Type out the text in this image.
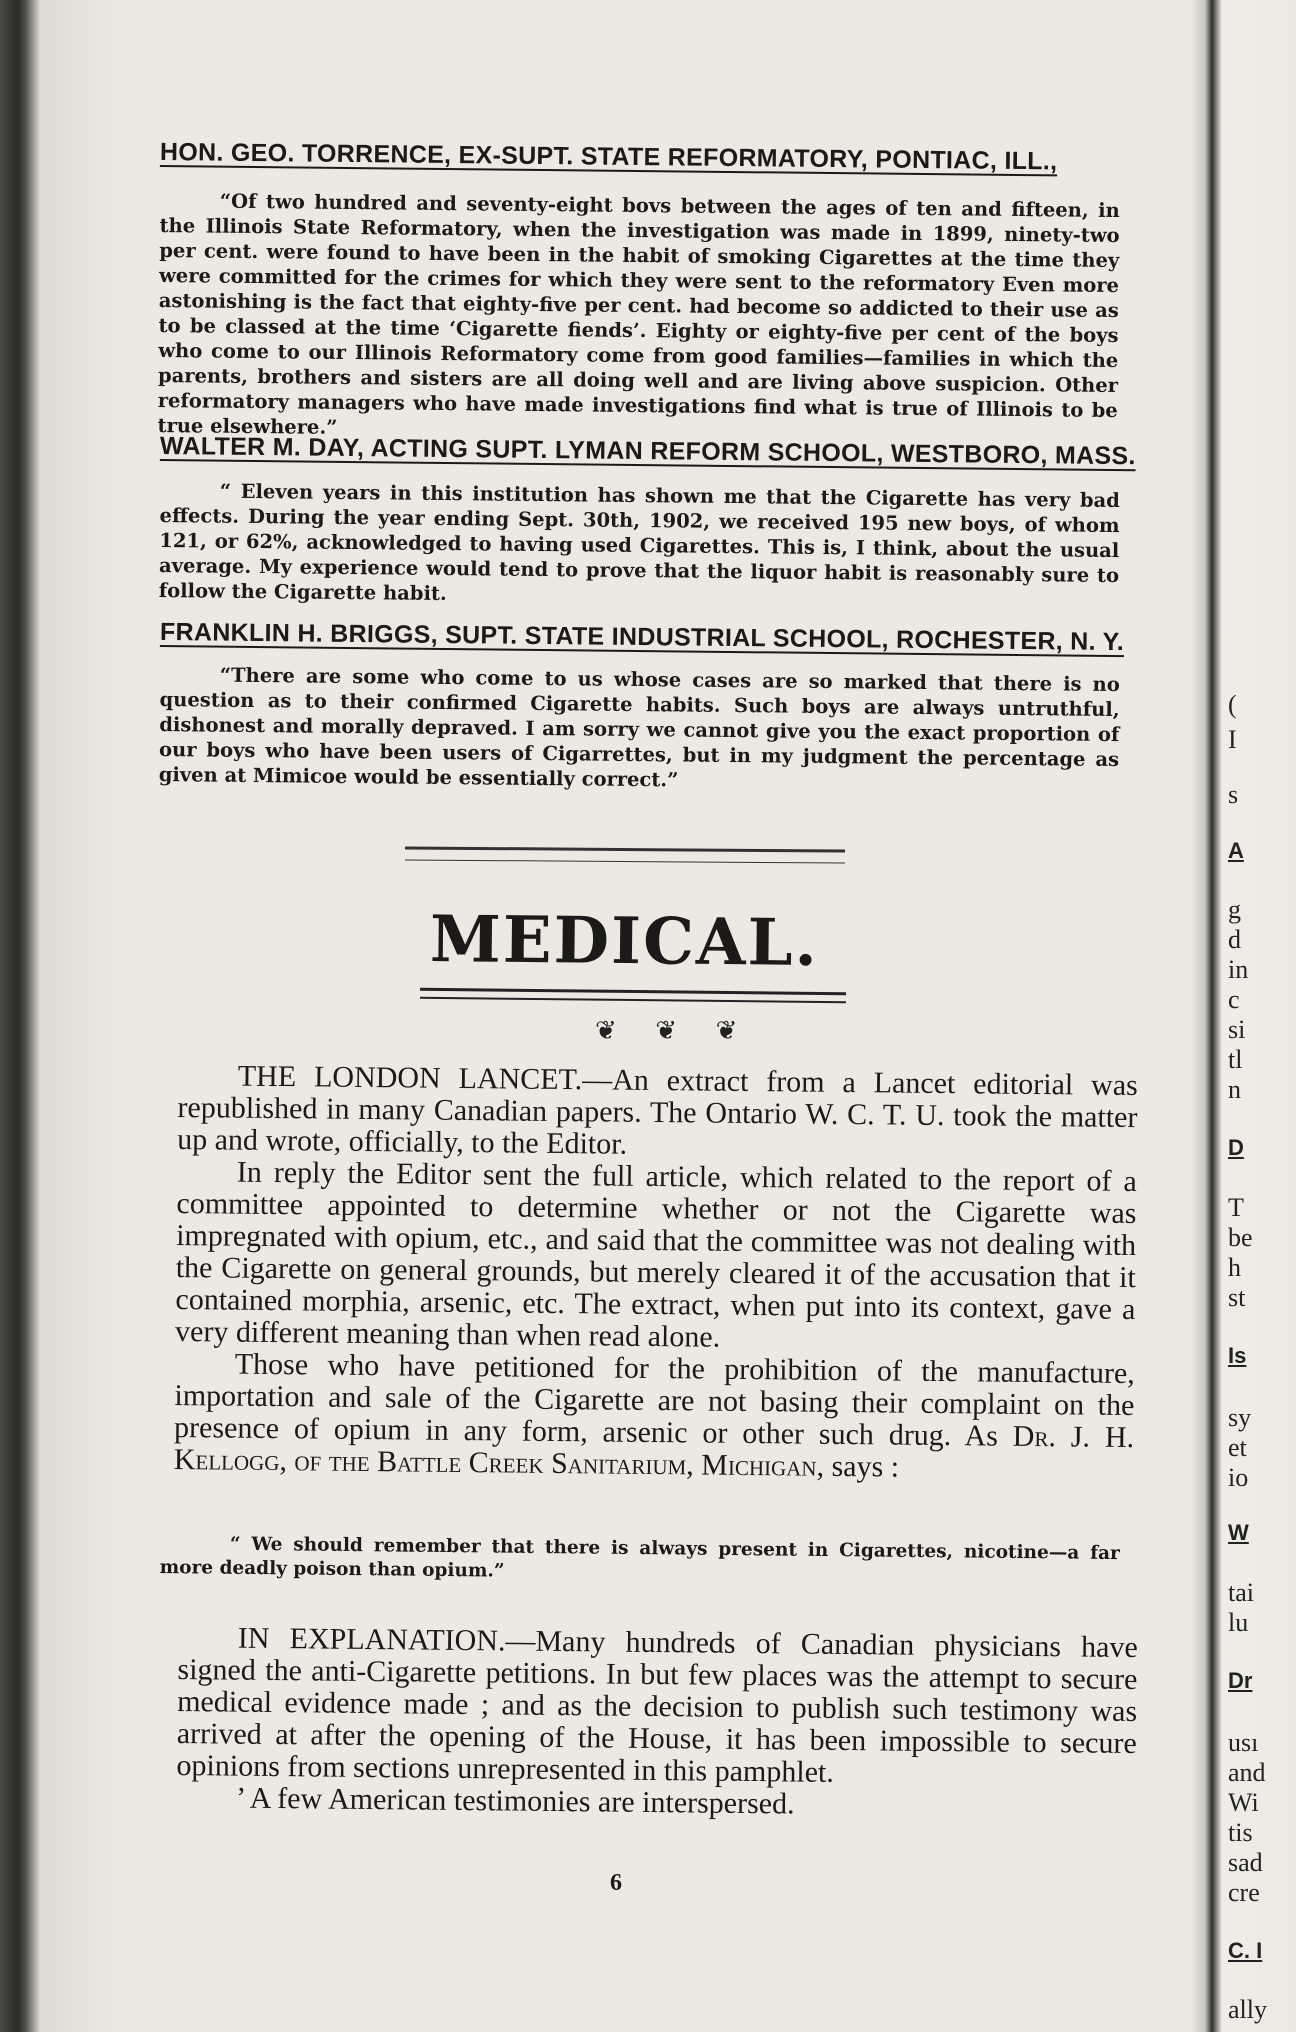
HON. GEO. TORRENCE, EX-SUPT. STATE REFORMATORY, PONTIAC, ILL.,
“Of two hundred and seventy-eight bovs between the ages of ten and fifteen, in the Illinois State Reformatory, when the investigation was made in 1899, ninety-two per cent. were found to have been in the habit of smoking Cigarettes at the time they were committed for the crimes for which they were sent to the reformatory Even more astonishing is the fact that eighty-five per cent. had become so addicted to their use as to be classed at the time ‘Cigarette fiends’. Eighty or eighty-five per cent of the boys who come to our Illinois Reformatory come from good families—families in which the parents, brothers and sisters are all doing well and are living above suspicion. Other reformatory managers who have made investigations find what is true of Illinois to be true elsewhere.”
WALTER M. DAY, ACTING SUPT. LYMAN REFORM SCHOOL, WESTBORO, MASS.
“ Eleven years in this institution has shown me that the Cigarette has very bad effects. During the year ending Sept. 30th, 1902, we received 195 new boys, of whom 121, or 62%, acknowledged to having used Cigarettes. This is, I think, about the usual average. My experience would tend to prove that the liquor habit is reasonably sure to follow the Cigarette habit.
FRANKLIN H. BRIGGS, SUPT. STATE INDUSTRIAL SCHOOL, ROCHESTER, N. Y.
“There are some who come to us whose cases are so marked that there is no question as to their confirmed Cigarette habits. Such boys are always untruthful, dishonest and morally depraved. I am sorry we cannot give you the exact proportion of our boys who have been users of Cigarrettes, but in my judgment the percentage as given at Mimicoe would be essentially correct.”
MEDICAL.
❦ ❦ ❦

THE LONDON LANCET.—An extract from a Lancet editorial was republished in many Canadian papers. The Ontario W. C. T. U. took the matter up and wrote, officially, to the Editor.

In reply the Editor sent the full article, which related to the report of a committee appointed to determine whether or not the Cigarette was impregnated with opium, etc., and said that the committee was not dealing with the Cigarette on general grounds, but merely cleared it of the accusation that it contained morphia, arsenic, etc. The extract, when put into its context, gave a very different meaning than when read alone.

Those who have petitioned for the prohibition of the manufacture, importation and sale of the Cigarette are not basing their complaint on the presence of opium in any form, arsenic or other such drug. As Dr. J. H. Kellogg, of the Battle Creek Sanitarium, Michigan, says :

“ We should remember that there is always present in Cigarettes, nicotine—a far more deadly poison than opium.”

IN EXPLANATION.—Many hundreds of Canadian physicians have signed the anti-Cigarette petitions. In but few places was the attempt to secure medical evidence made ; and as the decision to publish such testimony was arrived at after the opening of the House, it has been impossible to secure opinions from sections unrepresented in this pamphlet.

’ A few American testimonies are interspersed.

6
(
I
s
A
g
d
in
c
si
tl
n
D
T
be
h
st
Is
sy
et
io
W
tai
lu
Dr
usı
and
Wi
tis
sad
cre
C. I
ally
